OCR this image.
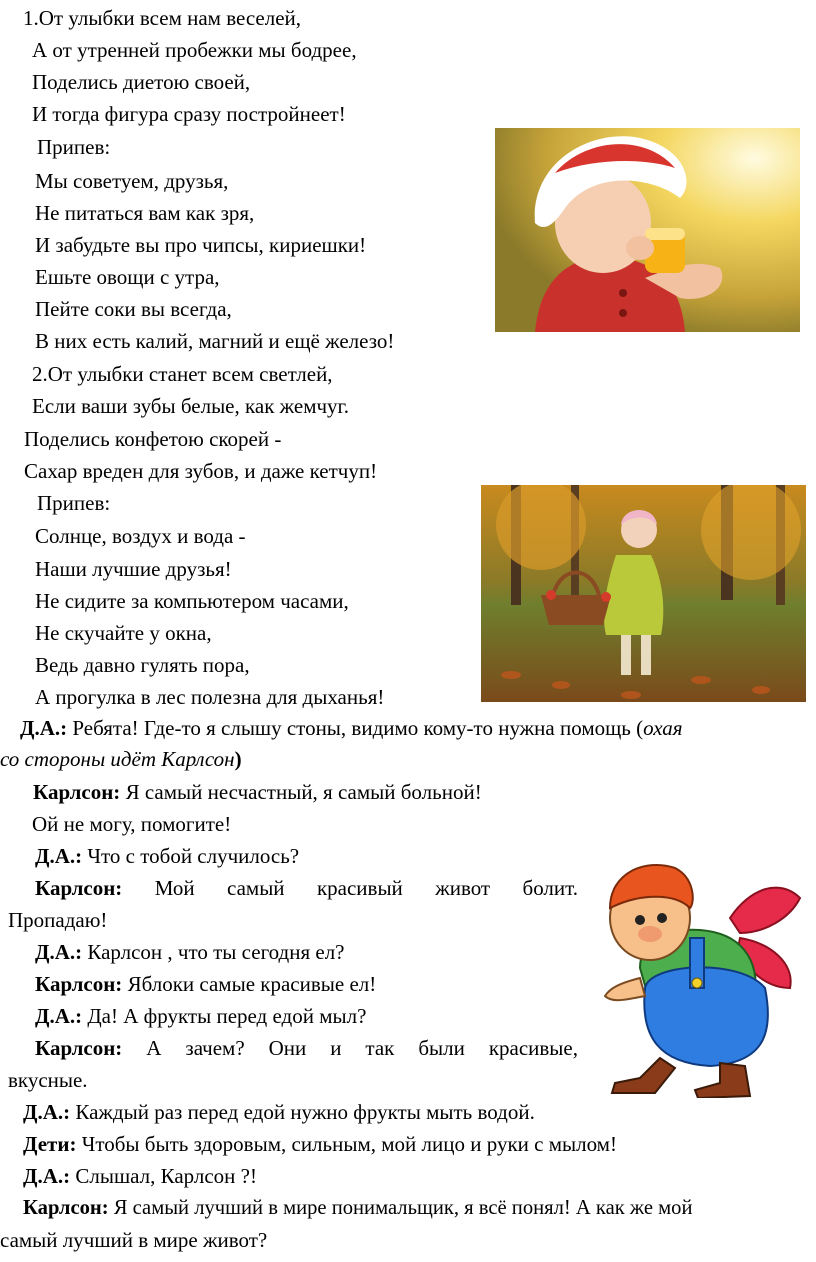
1.От улыбки всем нам веселей,
А от утренней пробежки мы бодрее,
Поделись диетою своей,
И тогда фигура сразу постройнеет!
Припев:
Мы советуем, друзья,
Не питаться вам как зря,
И забудьте вы про чипсы, кириешки!
Ешьте овощи с утра,
Пейте соки вы всегда,
В них есть калий, магний и ещё железо!
2.От улыбки станет всем светлей,
Если ваши зубы белые, как жемчуг.
Поделись конфетою скорей -
Сахар вреден для зубов, и даже кетчуп!
Припев:
Солнце, воздух и вода -
Наши лучшие друзья!
Не сидите за компьютером часами,
Не скучайте у окна,
Ведь давно гулять пора,
А прогулка в лес полезна для дыханья!
Д.А.: Ребята! Где-то я слышу стоны, видимо кому-то нужна помощь (охая
со стороны идёт Карлсон)
Карлсон: Я самый несчастный, я самый больной!
Ой не могу, помогите!
Д.А.: Что с тобой случилось?
Карлсон: Мой самый красивый живот болит.
Пропадаю!
Д.А.: Карлсон , что ты сегодня ел?
Карлсон: Яблоки самые красивые ел!
Д.А.: Да! А фрукты перед едой мыл?
Карлсон: А зачем? Они и так были красивые,
вкусные.
Д.А.: Каждый раз перед едой нужно фрукты мыть водой.
Дети: Чтобы быть здоровым, сильным, мой лицо и руки с мылом!
Д.А.: Слышал, Карлсон ?!
Карлсон: Я самый лучший в мире понимальщик, я всё понял! А как же мой
самый лучший в мире живот?
